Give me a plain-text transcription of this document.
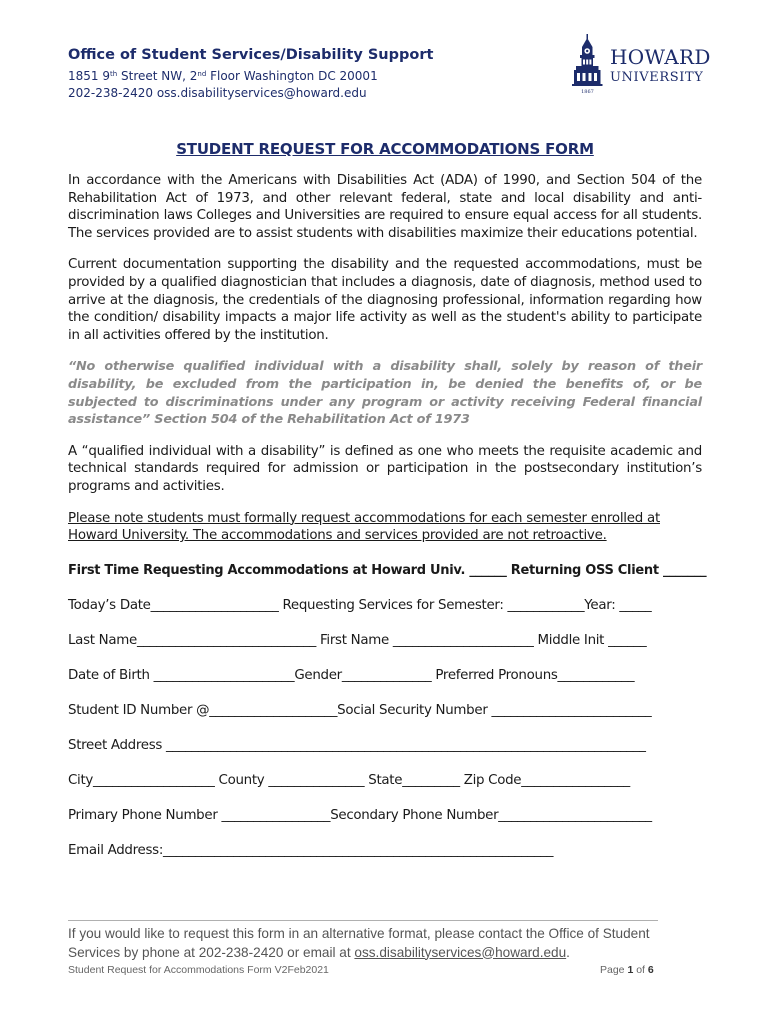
Office of Student Services/Disability Support
1851 9th Street NW, 2nd Floor Washington DC 20001
202-238-2420 oss.disabilityservices@howard.edu	1867
HOWARD
UNIVERSITY
STUDENT REQUEST FOR ACCOMMODATIONS FORM

In accordance with the Americans with Disabilities Act (ADA) of 1990, and Section 504 of the Rehabilitation Act of 1973, and other relevant federal, state and local disability and anti-discrimination laws Colleges and Universities are required to ensure equal access for all students. The services provided are to assist students with disabilities maximize their educations potential.

Current documentation supporting the disability and the requested accommodations, must be provided by a qualified diagnostician that includes a diagnosis, date of diagnosis, method used to arrive at the diagnosis, the credentials of the diagnosing professional, information regarding how the condition/ disability impacts a major life activity as well as the student's ability to participate in all activities offered by the institution.

“No otherwise qualified individual with a disability shall, solely by reason of their disability, be excluded from the participation in, be denied the benefits of, or be subjected to discriminations under any program or activity receiving Federal financial assistance” Section 504 of the Rehabilitation Act of 1973

A “qualified individual with a disability” is defined as one who meets the requisite academic and technical standards required for admission or participation in the postsecondary institution’s programs and activities.

Please note students must formally request accommodations for each semester enrolled at Howard University. The accommodations and services provided are not retroactive.

First Time Requesting Accommodations at Howard Univ. ______ Returning OSS Client _______
Today’s Date____________________ Requesting Services for Semester: ____________Year: _____
Last Name____________________________ First Name ______________________ Middle Init ______
Date of Birth ______________________Gender______________ Preferred Pronouns____________
Student ID Number @____________________Social Security Number _________________________
Street Address ___________________________________________________________________________
City___________________ County _______________ State_________ Zip Code_________________
Primary Phone Number _________________Secondary Phone Number________________________
Email Address:_____________________________________________________________
If you would like to request this form in an alternative format, please contact the Office of Student Services by phone at 202-238-2420 or email at oss.disabilityservices@howard.edu.
Student Request for Accommodations Form V2Feb2021	Page 1 of 6
